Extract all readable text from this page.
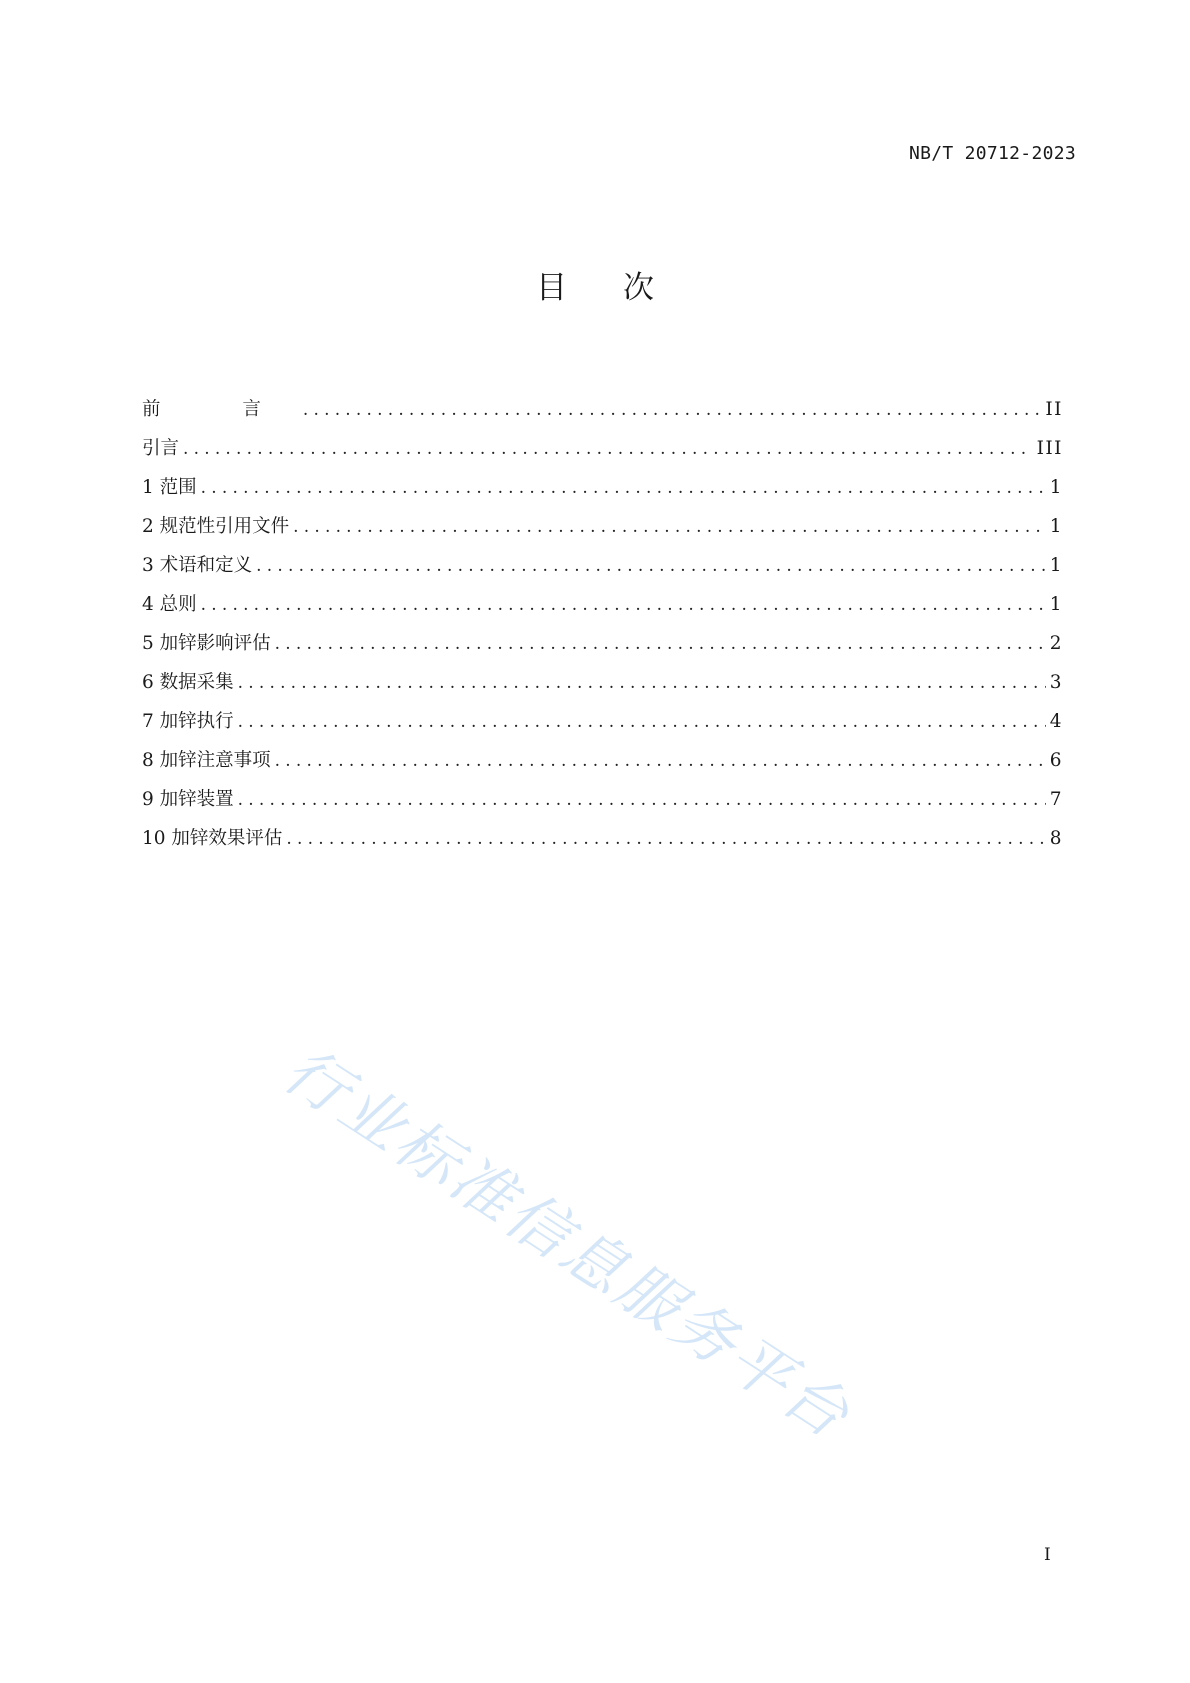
NB/T 20712-2023
目次
前 言 .....	II
引言 .....	III
1 范围 .....	1
2 规范性引用文件 .....	1
3 术语和定义 .....	1
4 总则 .....	1
5 加锌影响评估 .....	2
6 数据采集 .....	3
7 加锌执行 .....	4
8 加锌注意事项 .....	6
9 加锌装置 .....	7
10 加锌效果评估 .....	8
行业标准信息服务平台
I
